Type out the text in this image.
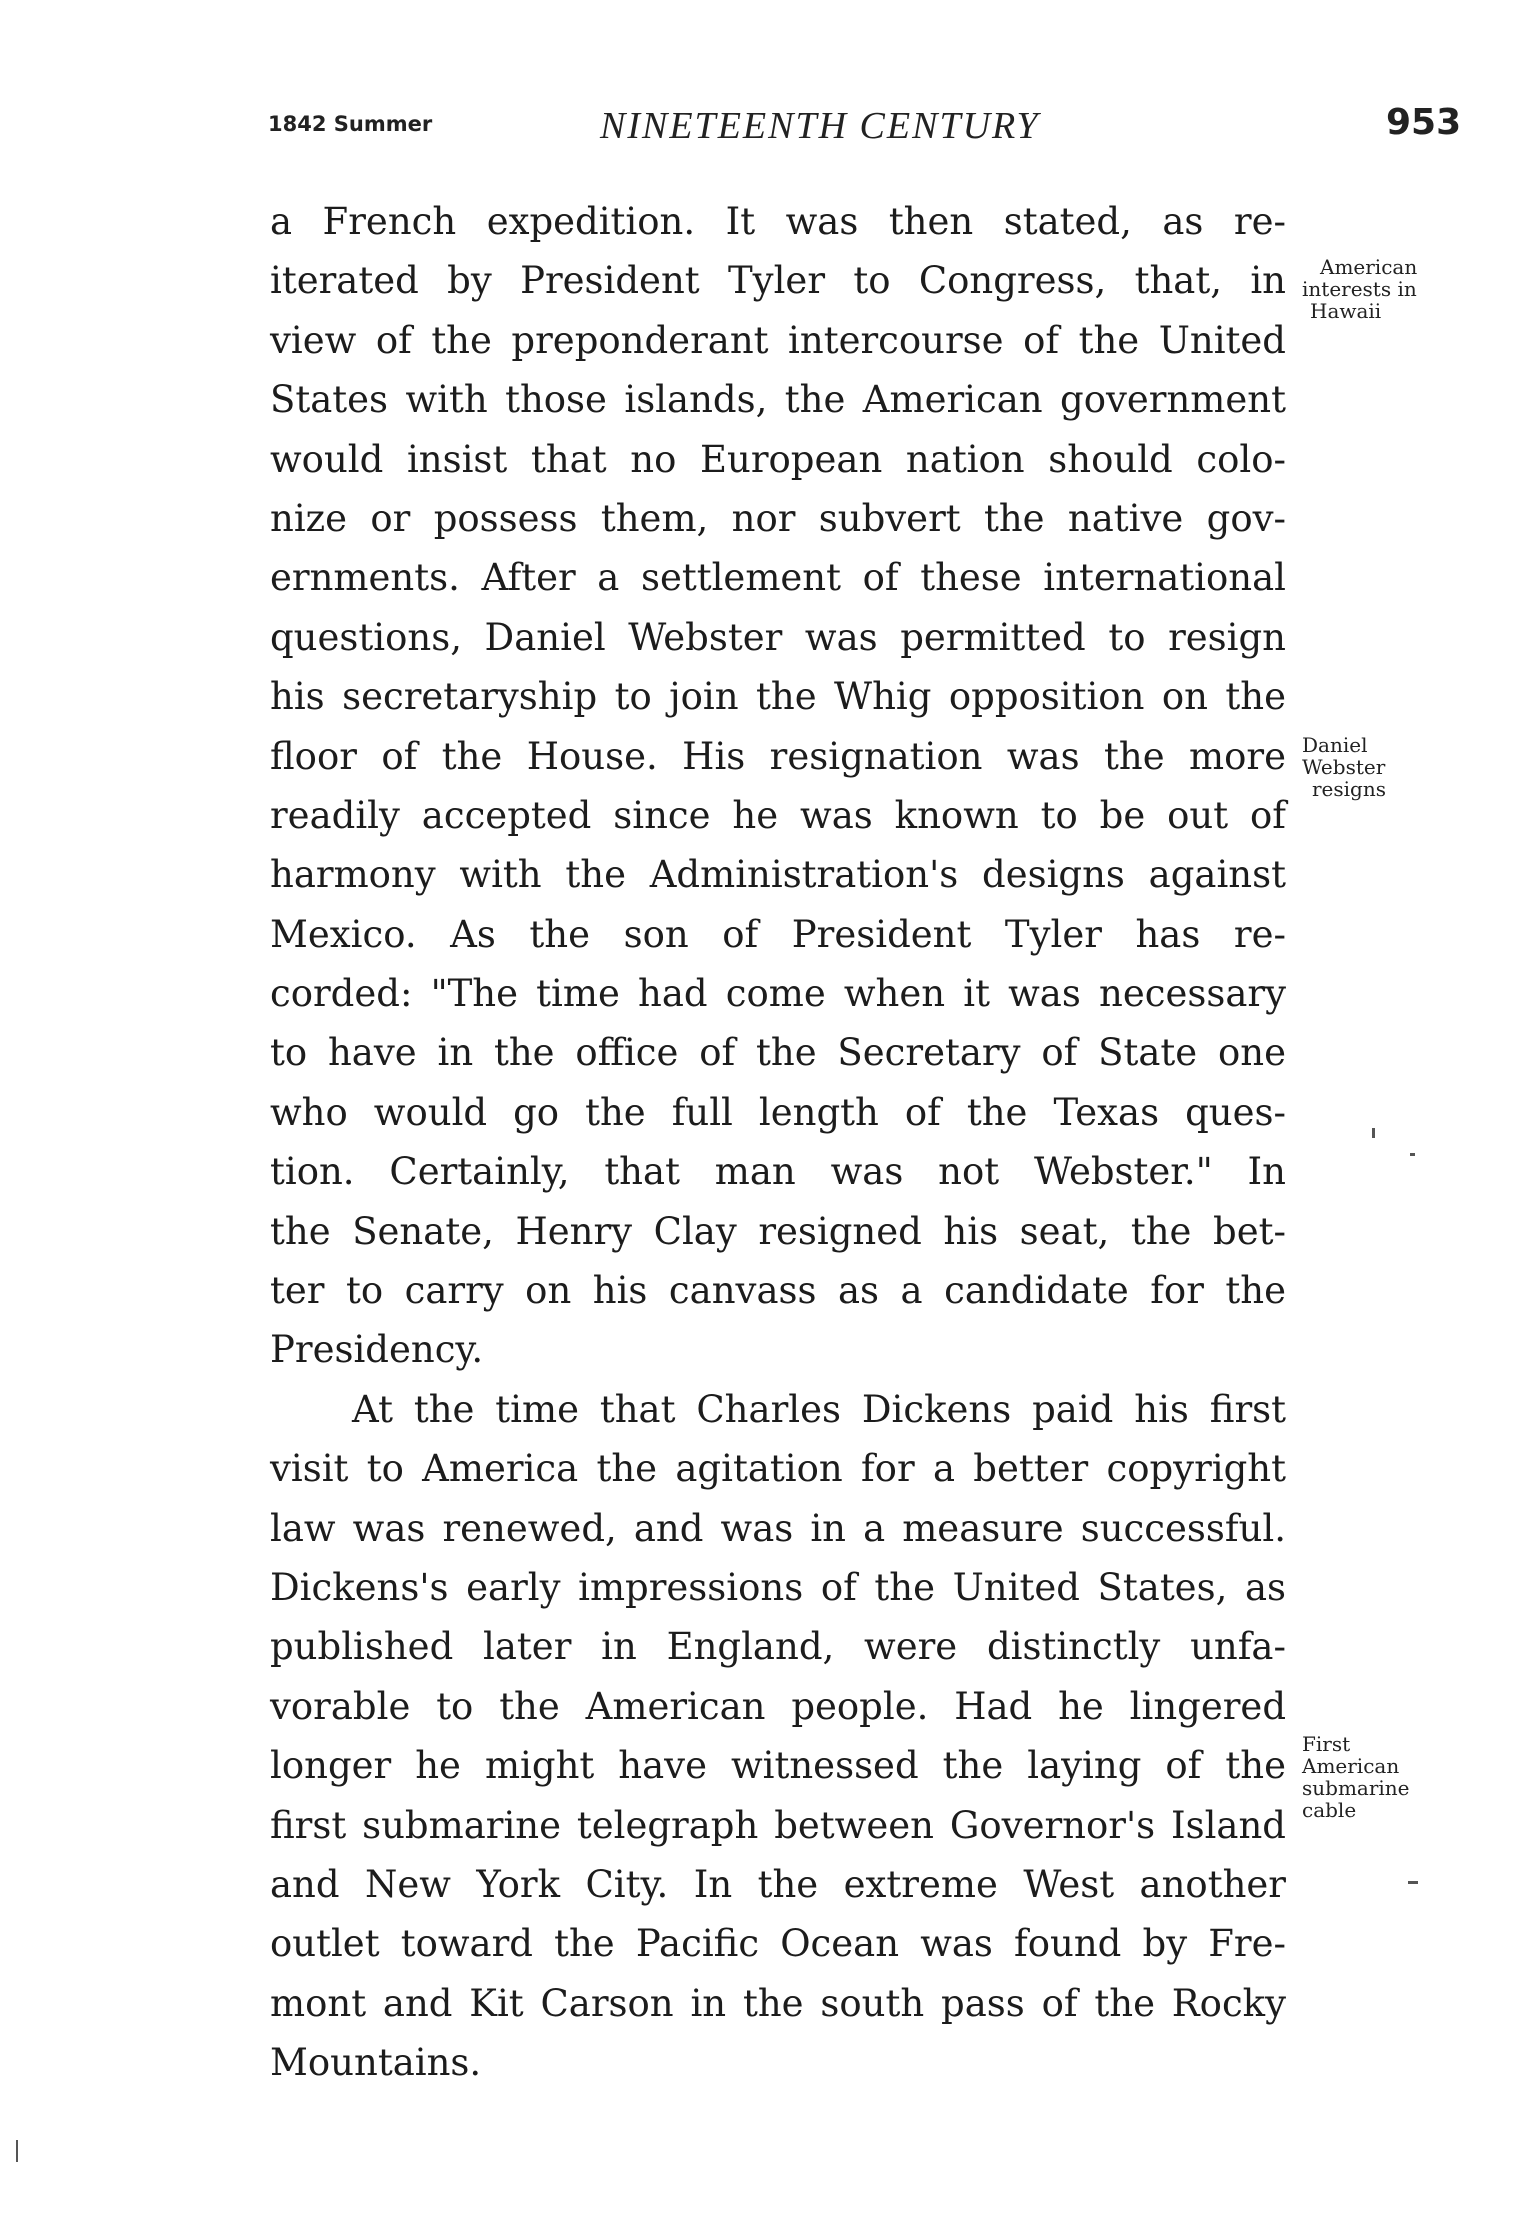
1842 Summer	NINETEENTH CENTURY	953
a French expedition. It was then stated, as re-
iterated by President Tyler to Congress, that, in
view of the preponderant intercourse of the United
States with those islands, the American government
would insist that no European nation should colo-
nize or possess them, nor subvert the native gov-
ernments. After a settlement of these international
questions, Daniel Webster was permitted to resign
his secretaryship to join the Whig opposition on the
floor of the House. His resignation was the more
readily accepted since he was known to be out of
harmony with the Administration's designs against
Mexico. As the son of President Tyler has re-
corded: "The time had come when it was necessary
to have in the office of the Secretary of State one
who would go the full length of the Texas ques-
tion. Certainly, that man was not Webster." In
the Senate, Henry Clay resigned his seat, the bet-
ter to carry on his canvass as a candidate for the
Presidency.
At the time that Charles Dickens paid his first
visit to America the agitation for a better copyright
law was renewed, and was in a measure successful.
Dickens's early impressions of the United States, as
published later in England, were distinctly unfa-
vorable to the American people. Had he lingered
longer he might have witnessed the laying of the
first submarine telegraph between Governor's Island
and New York City. In the extreme West another
outlet toward the Pacific Ocean was found by Fre-
mont and Kit Carson in the south pass of the Rocky
Mountains.
American
interests in
Hawaii
Daniel
Webster
resigns
First
American
submarine
cable
